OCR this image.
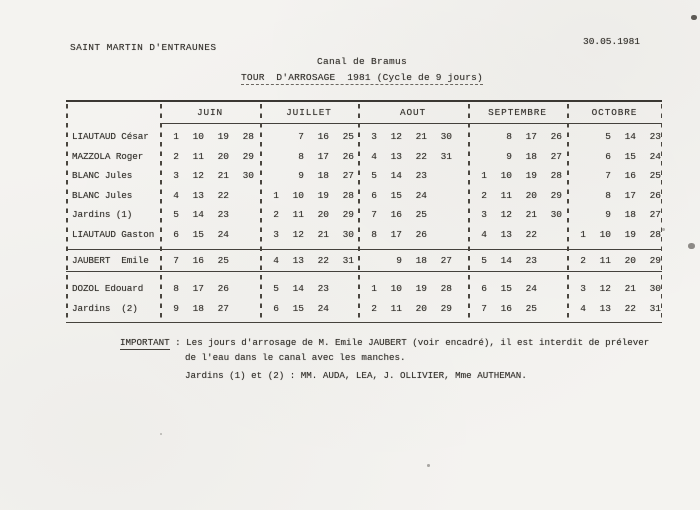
SAINT MARTIN D'ENTRAUNES
30.05.1981
Canal de Bramus
TOUR  D'ARROSAGE  1981 (Cycle de 9 jours)
JUIN	JUILLET	AOUT	SEPTEMBRE	OCTOBRE
LIAUTAUD César	1 10 19 28	7 16 25	3 12 21 30	8 17 26	5 14 23
MAZZOLA Roger	2 11 20 29	8 17 26	4 13 22 31	9 18 27	6 15 24
BLANC Jules	3 12 21 30	9 18 27	5 14 23	1 10 19 28	7 16 25
BLANC Jules	4 13 22	1 10 19 28	6 15 24	2 11 20 29	8 17 26
Jardins (1)	5 14 23	2 11 20 29	7 16 25	3 12 21 30	9 18 27
LIAUTAUD Gaston	6 15 24	3 12 21 30	8 17 26	4 13 22	1 10 19 28
JAUBERT  Emile	7 16 25	4 13 22 31	9 18 27	5 14 23	2 11 20 29
DOZOL Edouard	8 17 26	5 14 23	1 10 19 28	6 15 24	3 12 21 30
Jardins  (2)	9 18 27	6 15 24	2 11 20 29	7 16 25	4 13 22 31
IMPORTANT : Les jours d'arrosage de M. Emile JAUBERT (voir encadré), il est interdit de prélever
de l'eau dans le canal avec les manches.
Jardins (1) et (2) : MM. AUDA, LEA, J. OLLIVIER, Mme AUTHEMAN.
